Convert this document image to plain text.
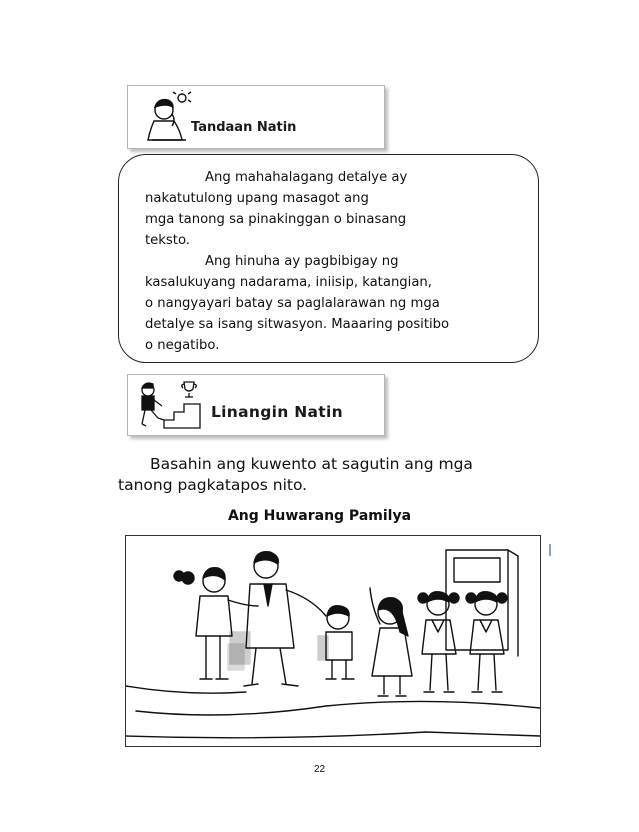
Tandaan Natin
Ang mahahalagang detalye ay
nakatutulong upang masagot ang
mga tanong sa pinakinggan o binasang
teksto.
Ang hinuha ay pagbibigay ng
kasalukuyang nadarama, iniisip, katangian,
o nangyayari batay sa paglalarawan ng mga
detalye sa isang sitwasyon. Maaaring positibo
o negatibo.
Linangin Natin
Basahin ang kuwento at sagutin ang mga
tanong pagkatapos nito.
Ang Huwarang Pamilya
22
